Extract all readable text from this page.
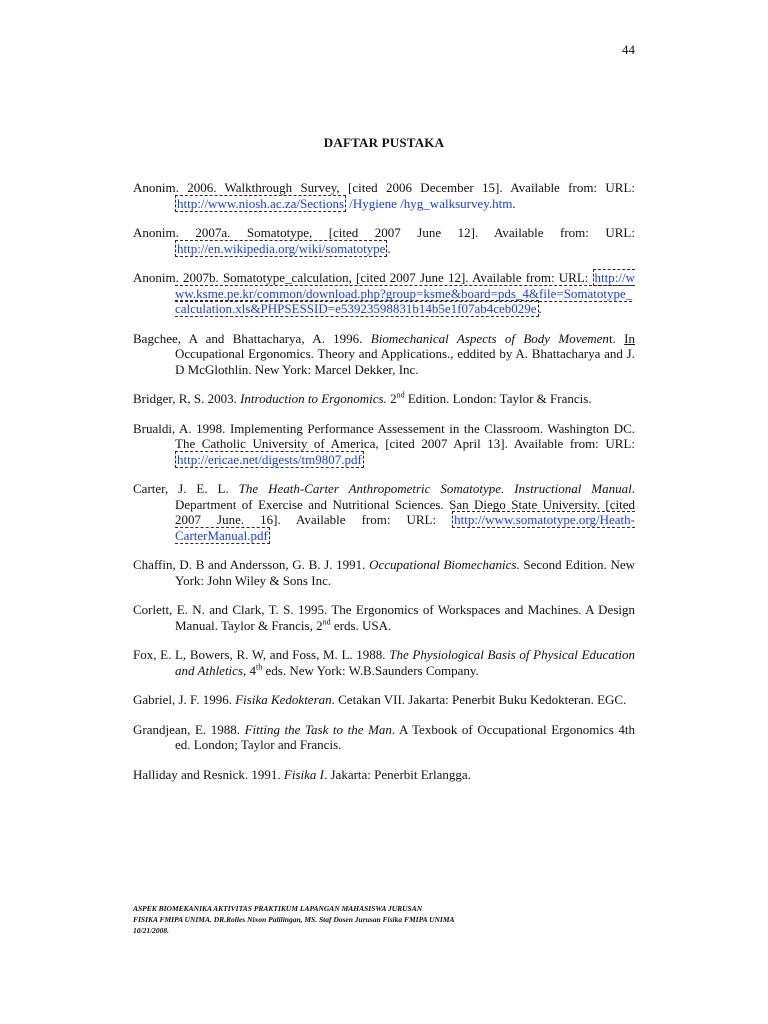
44
DAFTAR PUSTAKA

Anonim. 2006. Walkthrough Survey, [cited 2006 December 15]. Available from: URL: http://www.niosh.ac.za/Sections /Hygiene /hyg_walksurvey.htm.

Anonim. 2007a. Somatotype, [cited 2007 June 12]. Available from: URL: http://en.wikipedia.org/wiki/somatotype .

Anonim. 2007b. Somatotype_calculation, [cited 2007 June 12]. Available from: URL: http://www.ksme.pe.kr/common/download.php?group=ksme&board=pds_4&file=Somatotype_calculation.xls&PHPSESSID=e53923598831b14b5e1f07ab4ceb029e .

Bagchee, A and Bhattacharya, A. 1996. Biomechanical Aspects of Body Movement. In Occupational Ergonomics. Theory and Applications., eddited by A. Bhattacharya and J. D McGlothlin. New York: Marcel Dekker, Inc.

Bridger, R, S. 2003. Introduction to Ergonomics. 2nd Edition. London: Taylor & Francis.

Brualdi, A. 1998. Implementing Performance Assessement in the Classroom. Washington DC. The Catholic University of America, [cited 2007 April 13]. Available from: URL: http://ericae.net/digests/tm9807.pdf

Carter, J. E. L. The Heath-Carter Anthropometric Somatotype. Instructional Manual. Department of Exercise and Nutritional Sciences. San Diego State University. [cited 2007 June. 16]. Available from: URL: http://www.somatotype.org/Heath-CarterManual.pdf

Chaffin, D. B and Andersson, G. B. J. 1991. Occupational Biomechanics. Second Edition. New York: John Wiley & Sons Inc.

Corlett, E. N. and Clark, T. S. 1995. The Ergonomics of Workspaces and Machines. A Design Manual. Taylor & Francis, 2nd erds. USA.

Fox, E. L, Bowers, R. W, and Foss, M. L. 1988. The Physiological Basis of Physical Education and Athletics, 4th eds. New York: W.B.Saunders Company.

Gabriel, J. F. 1996. Fisika Kedokteran. Cetakan VII. Jakarta: Penerbit Buku Kedokteran. EGC.

Grandjean, E. 1988. Fitting the Task to the Man. A Texbook of Occupational Ergonomics 4th ed. London; Taylor and Francis.

Halliday and Resnick. 1991. Fisika I. Jakarta: Penerbit Erlangga.

ASPEK BIOMEKANIKA AKTIVITAS PRAKTIKUM LAPANGAN MAHASISWA JURUSAN
FISIKA FMIPA UNIMA. DR.Rolles Nixon Palilingan, MS. Staf Dosen Jurusan Fisika FMIPA UNIMA
10/21/2008.
